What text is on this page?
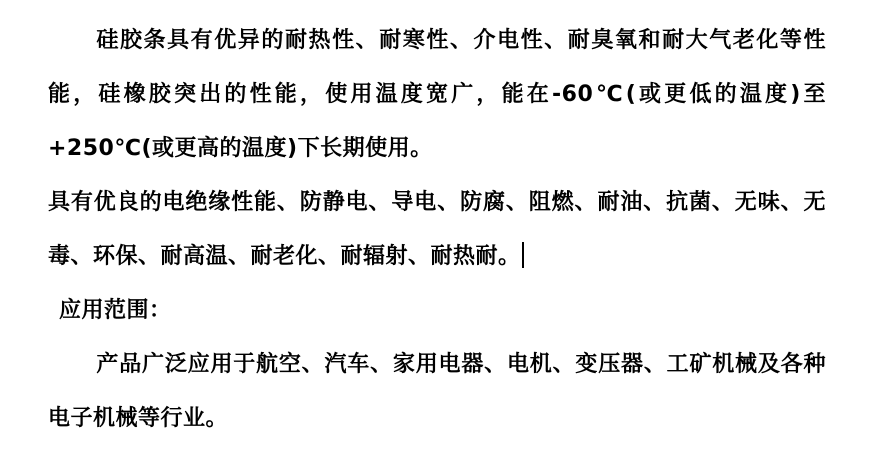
硅胶条具有优异的耐热性、耐寒性、介电性、耐臭氧和耐大气老化等性能，硅橡胶突出的性能，使用温度宽广，能在-60℃(或更低的温度)至+250℃(或更高的温度)下长期使用。

具有优良的电绝缘性能、防静电、导电、防腐、阻燃、耐油、抗菌、无味、无毒、环保、耐高温、耐老化、耐辐射、耐热耐。

应用范围：

产品广泛应用于航空、汽车、家用电器、电机、变压器、工矿机械及各种电子机械等行业。
